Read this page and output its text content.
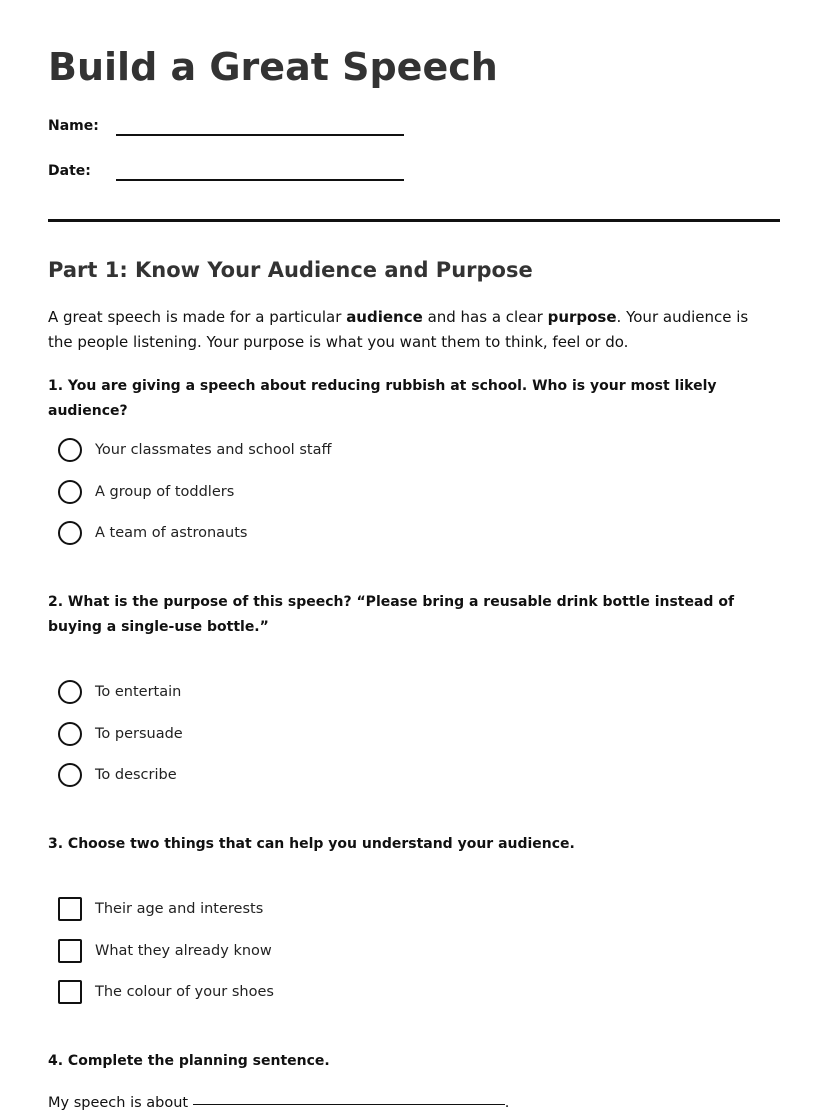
Build a Great Speech
Name:
Date:
Part 1: Know Your Audience and Purpose

A great speech is made for a particular audience and has a clear purpose. Your audience is the people listening. Your purpose is what you want them to think, feel or do.

1. You are giving a speech about reducing rubbish at school. Who is your most likely audience?

Your classmates and school staff
A group of toddlers
A team of astronauts

2. What is the purpose of this speech? “Please bring a reusable drink bottle instead of buying a single-use bottle.”

To entertain
To persuade
To describe

3. Choose two things that can help you understand your audience.

Their age and interests
What they already know
The colour of your shoes

4. Complete the planning sentence.

My speech is about	.
